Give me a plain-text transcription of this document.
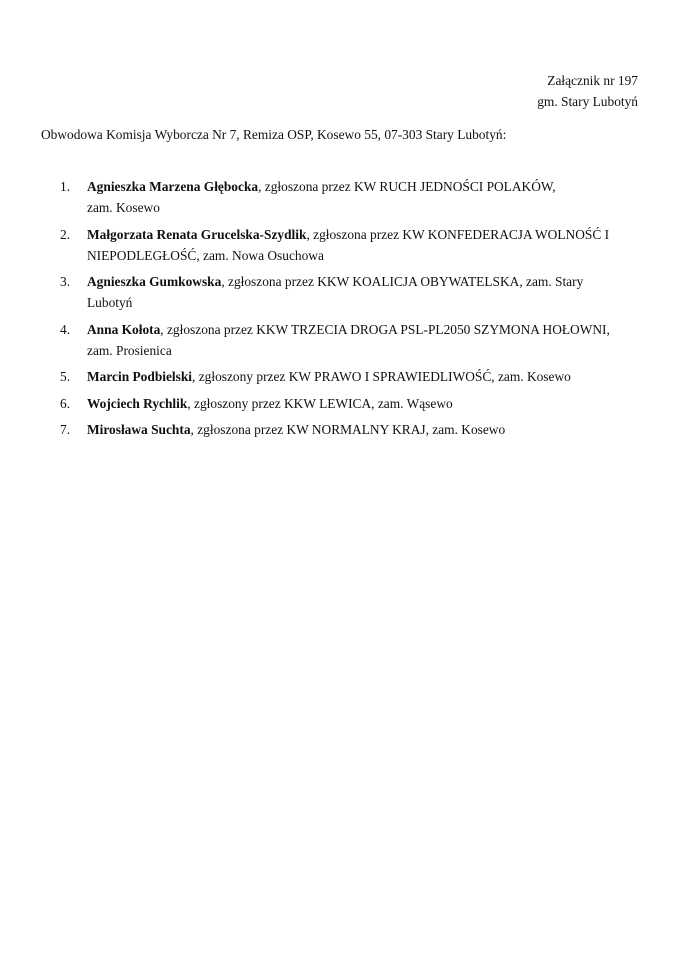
Załącznik nr 197
gm. Stary Lubotyń
Obwodowa Komisja Wyborcza Nr 7, Remiza OSP, Kosewo 55, 07-303 Stary Lubotyń:
1. Agnieszka Marzena Głębocka, zgłoszona przez KW RUCH JEDNOŚCI POLAKÓW,
zam. Kosewo
2. Małgorzata Renata Grucelska-Szydlik, zgłoszona przez KW KONFEDERACJA WOLNOŚĆ I
NIEPODLEGŁOŚĆ, zam. Nowa Osuchowa
3. Agnieszka Gumkowska, zgłoszona przez KKW KOALICJA OBYWATELSKA, zam. Stary
Lubotyń
4. Anna Kołota, zgłoszona przez KKW TRZECIA DROGA PSL-PL2050 SZYMONA HOŁOWNI,
zam. Prosienica
5. Marcin Podbielski, zgłoszony przez KW PRAWO I SPRAWIEDLIWOŚĆ, zam. Kosewo
6. Wojciech Rychlik, zgłoszony przez KKW LEWICA, zam. Wąsewo
7. Mirosława Suchta, zgłoszona przez KW NORMALNY KRAJ, zam. Kosewo
